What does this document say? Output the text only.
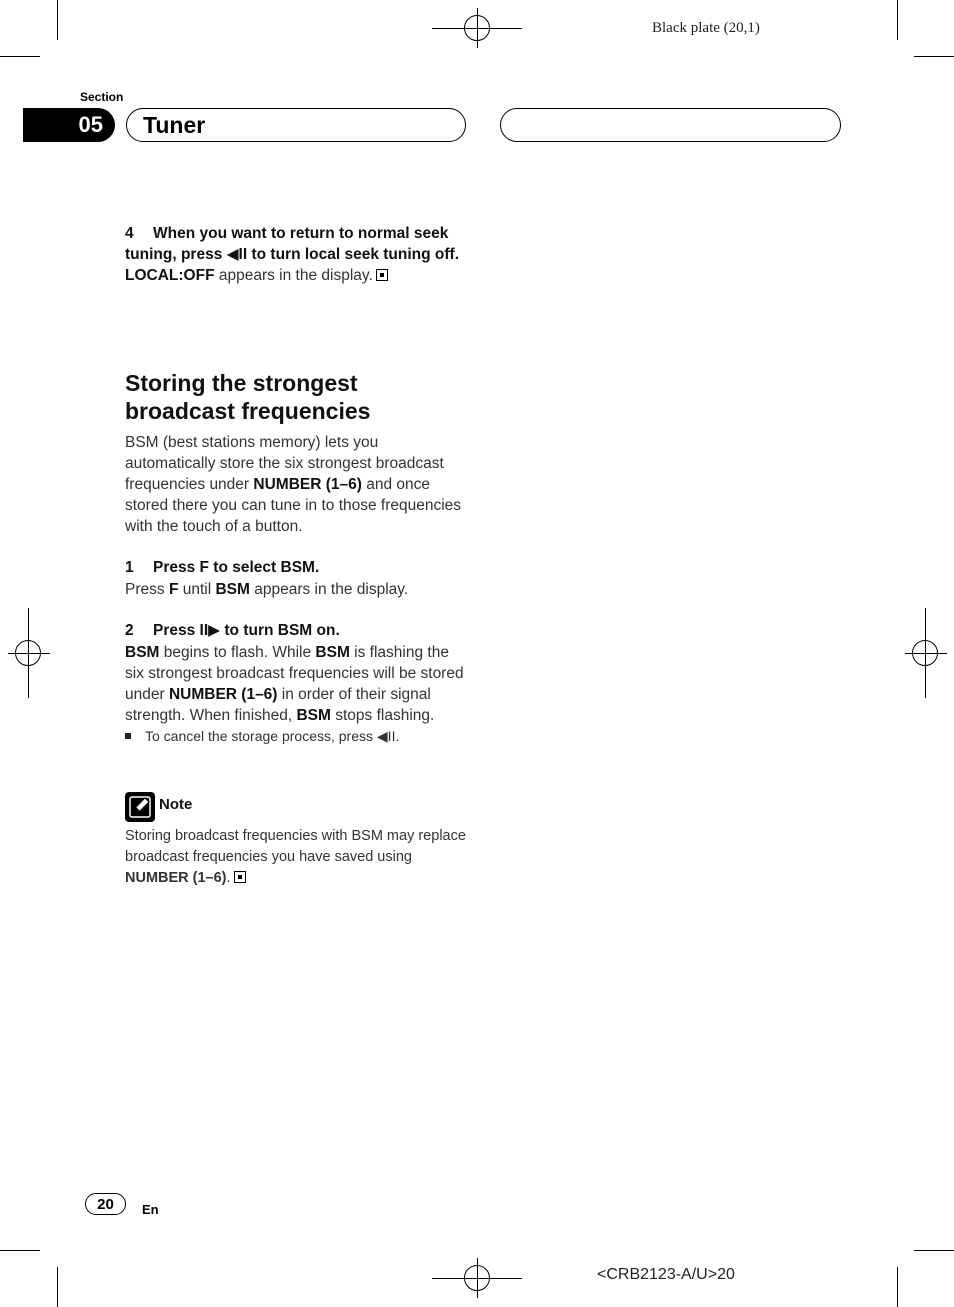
Black plate (20,1)
Section
05	Tuner
4 When you want to return to normal seek tuning, press ◀II to turn local seek tuning off.
LOCAL:OFF appears in the display.
Storing the strongest broadcast frequencies
BSM (best stations memory) lets you automatically store the six strongest broadcast frequencies under NUMBER (1–6) and once stored there you can tune in to those frequencies with the touch of a button.
1 Press F to select BSM.
Press F until BSM appears in the display.
2 Press II▶ to turn BSM on.
BSM begins to flash. While BSM is flashing the six strongest broadcast frequencies will be stored under NUMBER (1–6) in order of their signal strength. When finished, BSM stops flashing.
To cancel the storage process, press ◀II.
Note
Storing broadcast frequencies with BSM may replace broadcast frequencies you have saved using NUMBER (1–6).
20	En
<CRB2123-A/U>20
